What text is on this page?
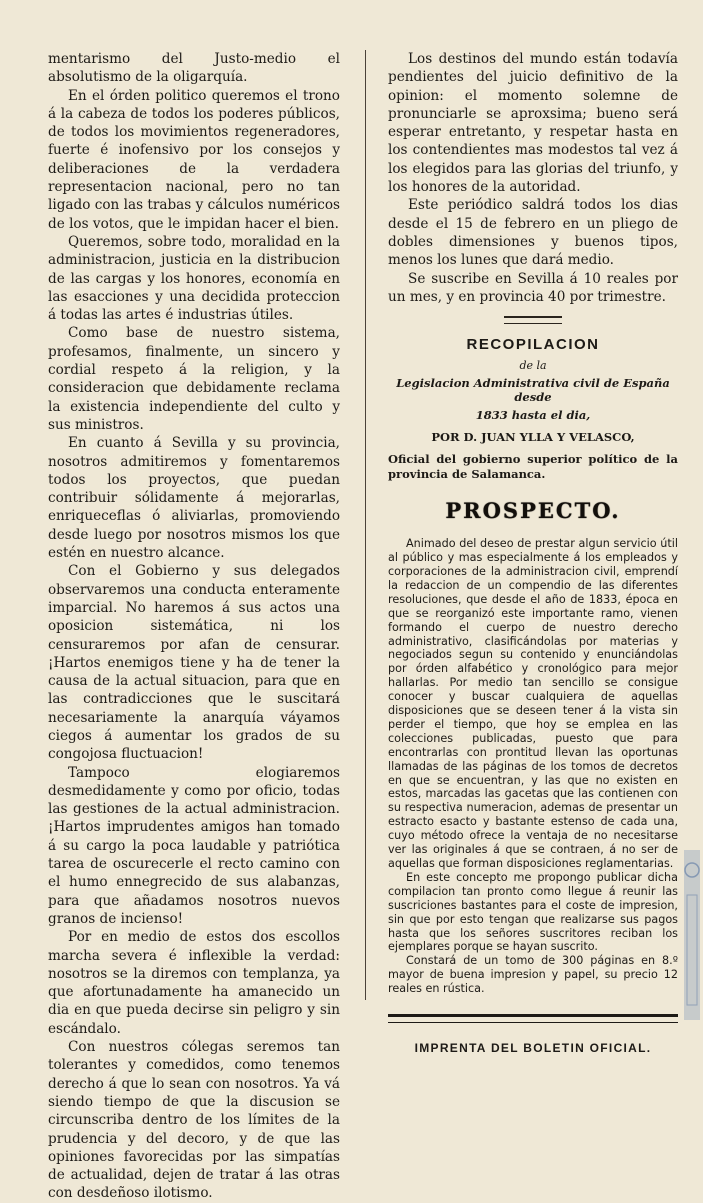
mentarismo del Justo-medio el absolutismo de la oligarquía.

En el órden politico queremos el trono á la cabeza de todos los poderes públicos, de todos los movimientos regeneradores, fuerte é inofensivo por los consejos y deliberaciones de la verdadera representacion nacional, pero no tan ligado con las trabas y cálculos numéricos de los votos, que le impidan hacer el bien.

Queremos, sobre todo, moralidad en la administracion, justicia en la distribucion de las cargas y los honores, economía en las esacciones y una decidida proteccion á todas las artes é industrias útiles.

Como base de nuestro sistema, profesamos, finalmente, un sincero y cordial respeto á la religion, y la consideracion que debidamente reclama la existencia independiente del culto y sus ministros.

En cuanto á Sevilla y su provincia, nosotros admitiremos y fomentaremos todos los proyectos, que puedan contribuir sólidamente á mejorarlas, enriqueceflas ó aliviarlas, promoviendo desde luego por nosotros mismos los que estén en nuestro alcance.

Con el Gobierno y sus delegados observaremos una conducta enteramente imparcial. No haremos á sus actos una oposicion sistemática, ni los censuraremos por afan de censurar. ¡Hartos enemigos tiene y ha de tener la causa de la actual situacion, para que en las contradicciones que le suscitará necesariamente la anarquía váyamos ciegos á aumentar los grados de su congojosa fluctuacion!

Tampoco elogiaremos desmedidamente y como por oficio, todas las gestiones de la actual administracion. ¡Hartos imprudentes amigos han tomado á su cargo la poca laudable y patriótica tarea de oscurecerle el recto camino con el humo ennegrecido de sus alabanzas, para que añadamos nosotros nuevos granos de incienso!

Por en medio de estos dos escollos marcha severa é inflexible la verdad: nosotros se la diremos con templanza, ya que afortunadamente ha amanecido un dia en que pueda decirse sin peligro y sin escándalo.

Con nuestros cólegas seremos tan tolerantes y comedidos, como tenemos derecho á que lo sean con nosotros. Ya vá siendo tiempo de que la discusion se circunscriba dentro de los límites de la prudencia y del decoro, y de que las opiniones favorecidas por las simpatías de actualidad, dejen de tratar á las otras con desdeñoso ilotismo.

Los destinos del mundo están todavía pendientes del juicio definitivo de la opinion: el momento solemne de pronunciarle se aproxsima; bueno será esperar entretanto, y respetar hasta en los contendientes mas modestos tal vez á los elegidos para las glorias del triunfo, y los honores de la autoridad.

Este periódico saldrá todos los dias desde el 15 de febrero en un pliego de dobles dimensiones y buenos tipos, menos los lunes que dará medio.

Se suscribe en Sevilla á 10 reales por un mes, y en provincia 40 por trimestre.

RECOPILACION

de la

Legislacion Administrativa civil de España desde

1833 hasta el dia,

POR D. JUAN YLLA Y VELASCO,

Oficial del gobierno superior político de la provincia de Salamanca.

PROSPECTO.

Animado del deseo de prestar algun servicio útil al público y mas especialmente á los empleados y corporaciones de la administracion civil, emprendí la redaccion de un compendio de las diferentes resoluciones, que desde el año de 1833, época en que se reorganizó este importante ramo, vienen formando el cuerpo de nuestro derecho administrativo, clasificándolas por materias y negociados segun su contenido y enunciándolas por órden alfabético y cronológico para mejor hallarlas. Por medio tan sencillo se consigue conocer y buscar cualquiera de aquellas disposiciones que se deseen tener á la vista sin perder el tiempo, que hoy se emplea en las colecciones publicadas, puesto que para encontrarlas con prontitud llevan las oportunas llamadas de las páginas de los tomos de decretos en que se encuentran, y las que no existen en estos, marcadas las gacetas que las contienen con su respectiva numeracion, ademas de presentar un estracto esacto y bastante estenso de cada una, cuyo método ofrece la ventaja de no necesitarse ver las originales á que se contraen, á no ser de aquellas que forman disposiciones reglamentarias.

En este concepto me propongo publicar dicha compilacion tan pronto como llegue á reunir las suscriciones bastantes para el coste de impresion, sin que por esto tengan que realizarse sus pagos hasta que los señores suscritores reciban los ejemplares porque se hayan suscrito.

Constará de un tomo de 300 páginas en 8.º mayor de buena impresion y papel, su precio 12 reales en rústica.

IMPRENTA DEL BOLETIN OFICIAL.
